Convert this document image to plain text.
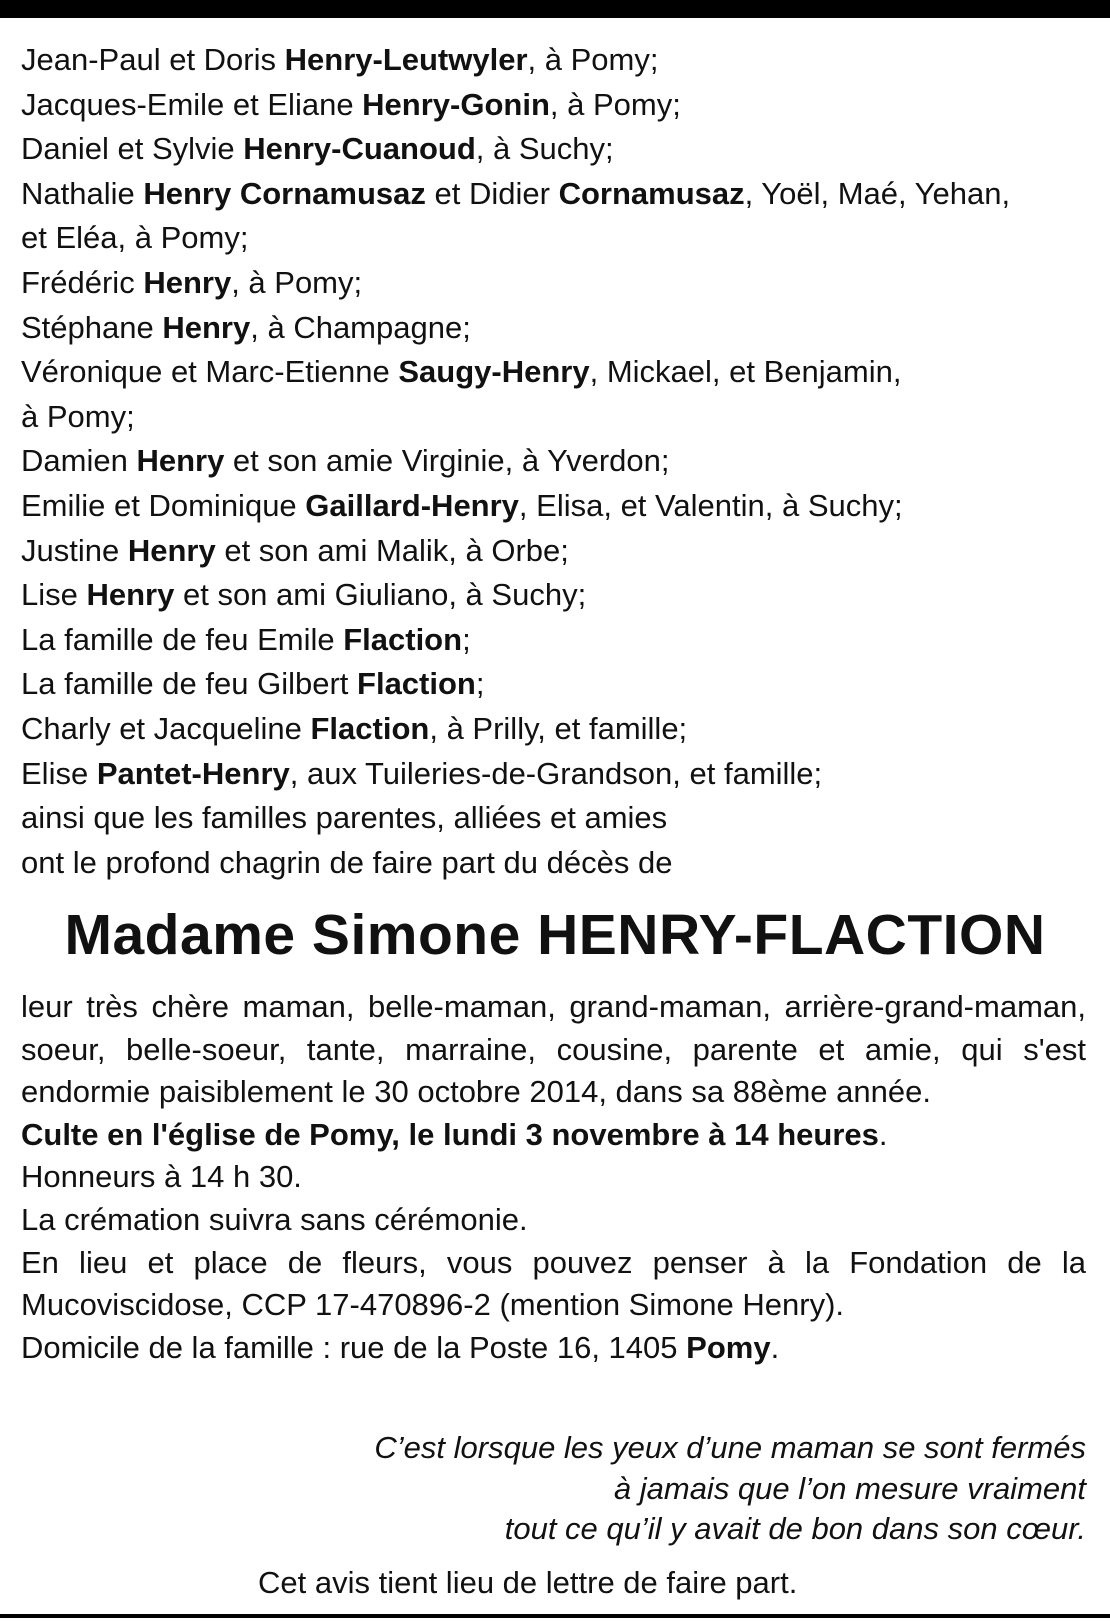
Jean-Paul et Doris Henry-Leutwyler, à Pomy;
Jacques-Emile et Eliane Henry-Gonin, à Pomy;
Daniel et Sylvie Henry-Cuanoud, à Suchy;
Nathalie Henry Cornamusaz et Didier Cornamusaz, Yoël, Maé, Yehan,
et Eléa, à Pomy;
Frédéric Henry, à Pomy;
Stéphane Henry, à Champagne;
Véronique et Marc-Etienne Saugy-Henry, Mickael, et Benjamin,
à Pomy;
Damien Henry et son amie Virginie, à Yverdon;
Emilie et Dominique Gaillard-Henry, Elisa, et Valentin, à Suchy;
Justine Henry et son ami Malik, à Orbe;
Lise Henry et son ami Giuliano, à Suchy;
La famille de feu Emile Flaction;
La famille de feu Gilbert Flaction;
Charly et Jacqueline Flaction, à Prilly, et famille;
Elise Pantet-Henry, aux Tuileries-de-Grandson, et famille;
ainsi que les familles parentes, alliées et amies
ont le profond chagrin de faire part du décès de
Madame Simone HENRY-FLACTION

leur très chère maman, belle-maman, grand-maman, arrière-grand-maman, soeur, belle-soeur, tante, marraine, cousine, parente et amie, qui s'est endormie paisiblement le 30 octobre 2014, dans sa 88ème année.

Culte en l'église de Pomy, le lundi 3 novembre à 14 heures.

Honneurs à 14 h 30.

La crémation suivra sans cérémonie.

En lieu et place de fleurs, vous pouvez penser à la Fondation de la Mucoviscidose, CCP 17-470896-2 (mention Simone Henry).

Domicile de la famille : rue de la Poste 16, 1405 Pomy.

C’est lorsque les yeux d’une maman se sont fermés
à jamais que l’on mesure vraiment
tout ce qu’il y avait de bon dans son cœur.
Cet avis tient lieu de lettre de faire part.
